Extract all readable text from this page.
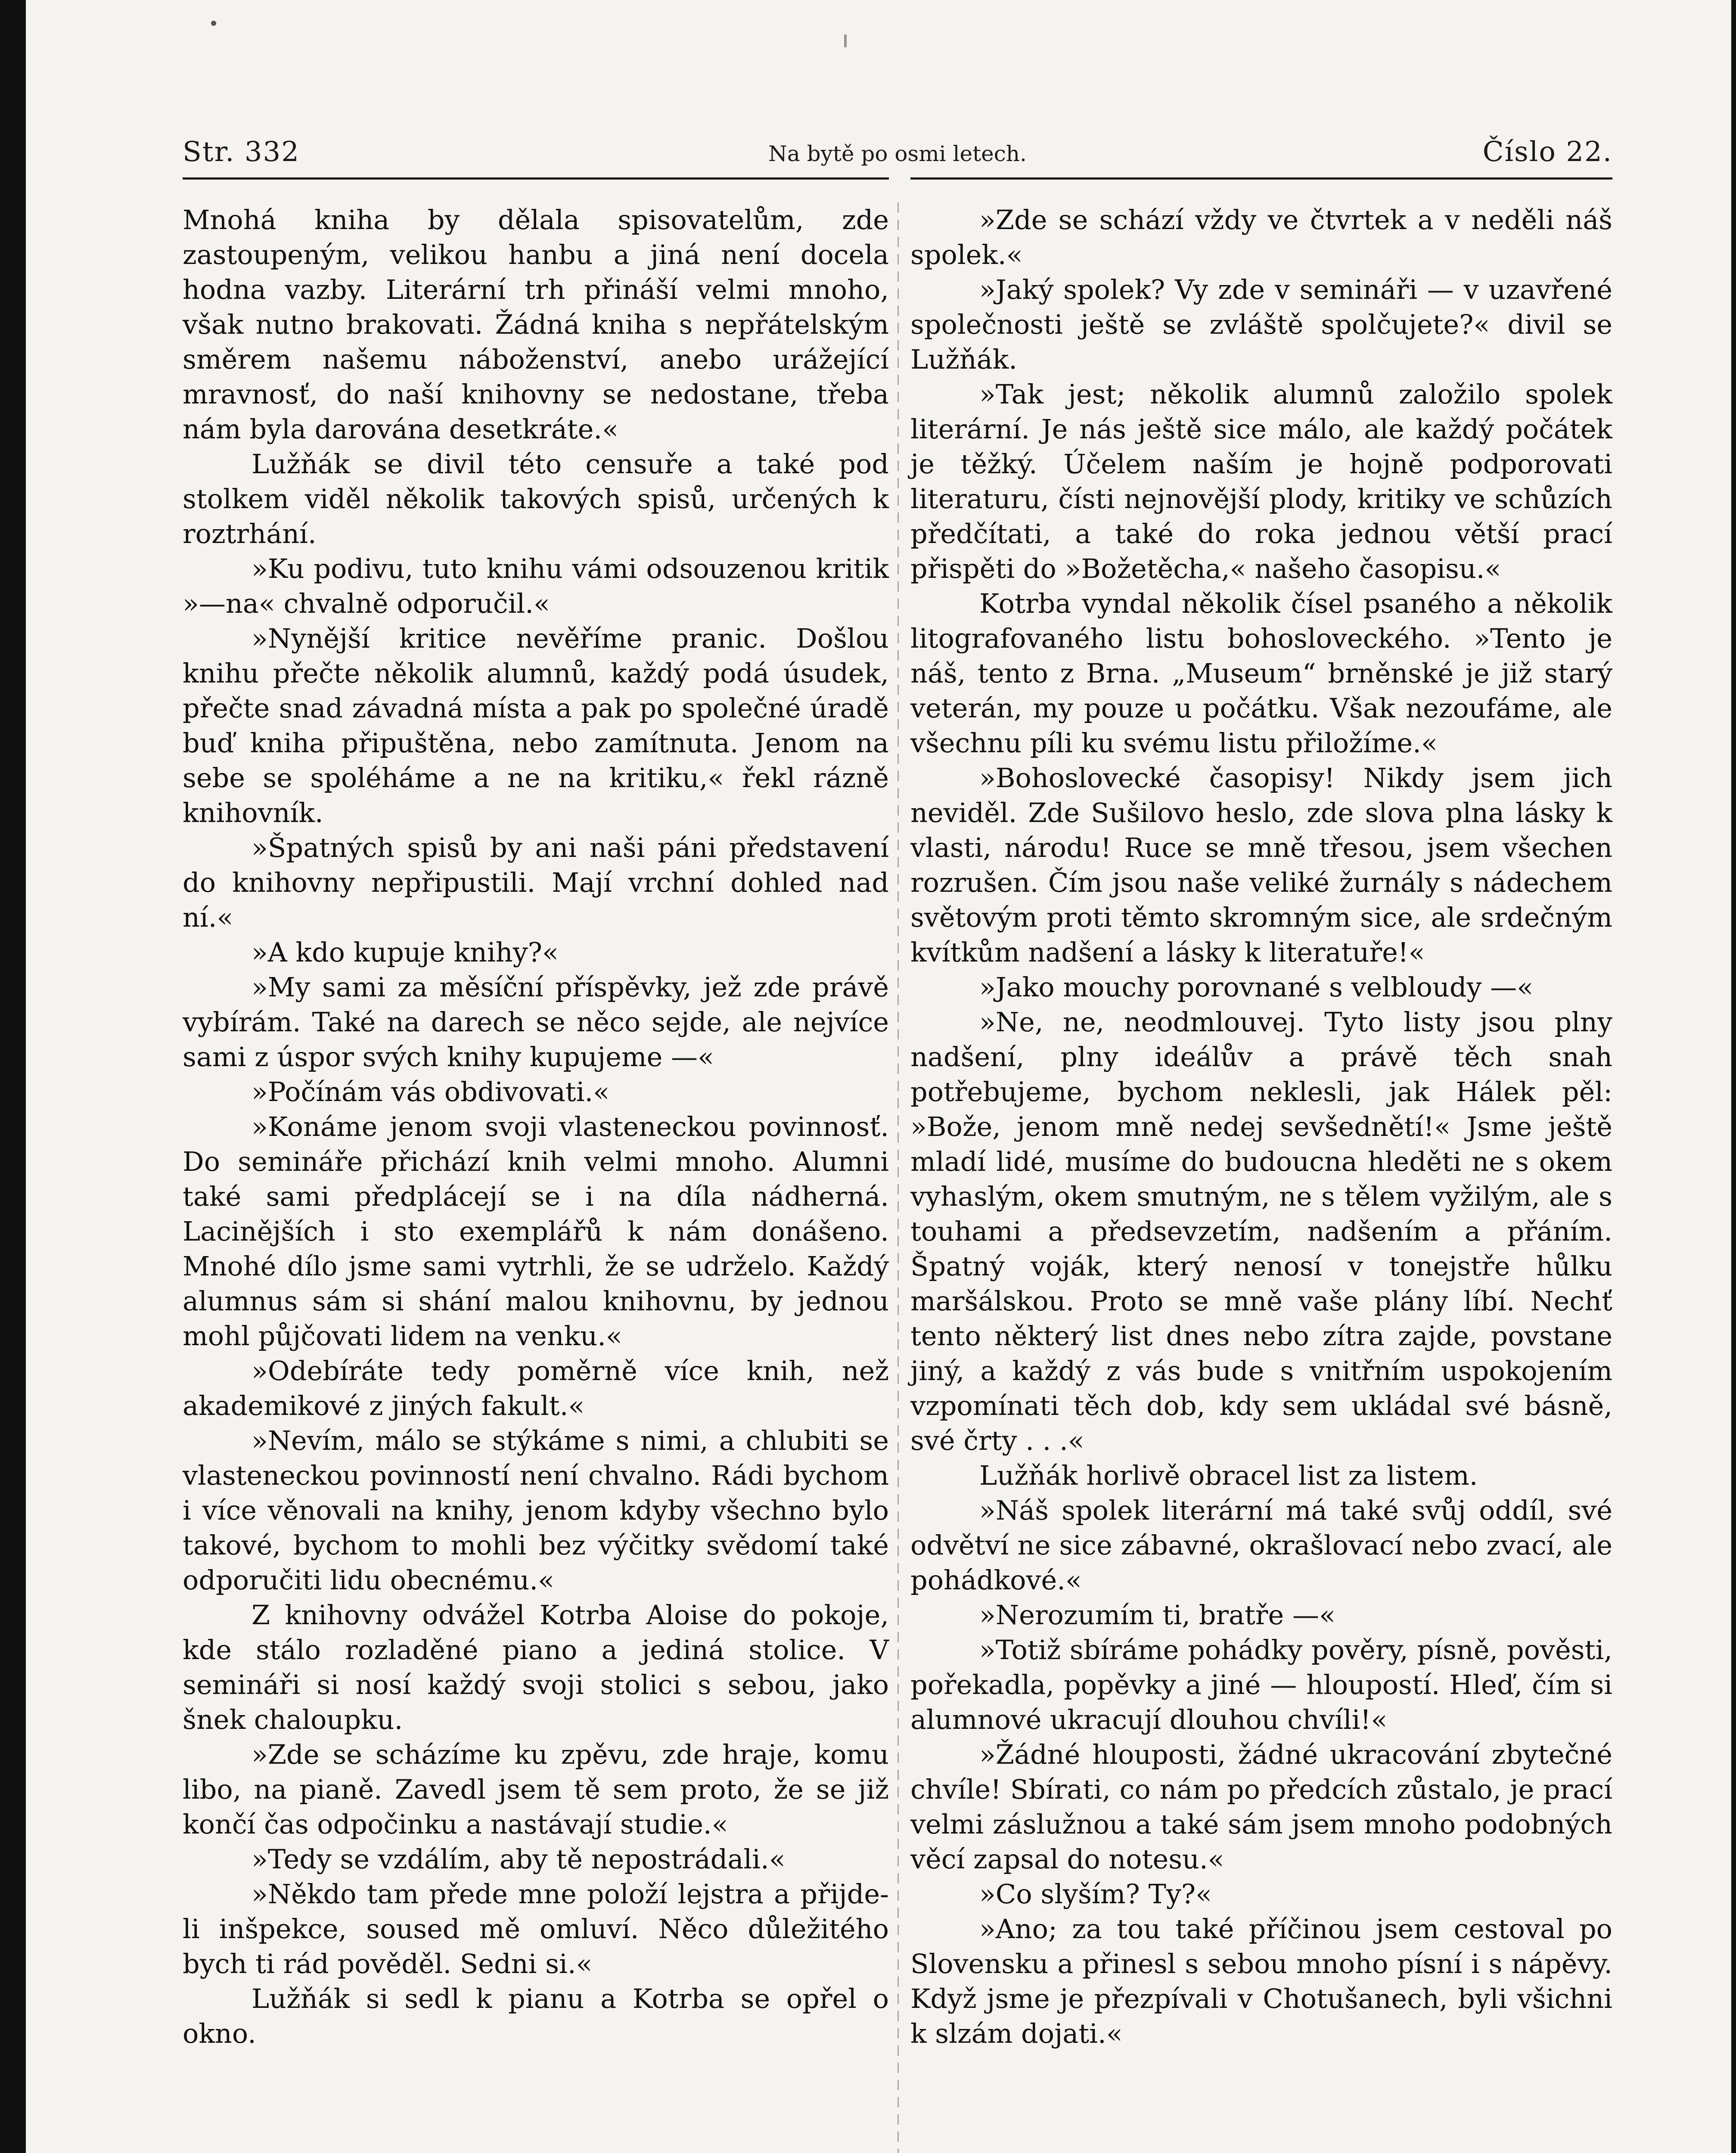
Str. 332	Na bytě po osmi letech.	Číslo 22.

Mnohá kniha by dělala spisovatelům, zde zastoupeným, velikou hanbu a jiná není docela hodna vazby. Literární trh přináší velmi mnoho, však nutno brakovati. Žádná kniha s nepřátelským směrem našemu náboženství, anebo urážející mravnosť, do naší knihovny se nedostane, třeba nám byla darována desetkráte.«

Lužňák se divil této censuře a také pod stolkem viděl několik takových spisů, určených k roztrhání.

»Ku podivu, tuto knihu vámi odsouzenou kritik »—na« chvalně odporučil.«

»Nynější kritice nevěříme pranic. Došlou knihu přečte několik alumnů, každý podá úsudek, přečte snad závadná místa a pak po společné úradě buď kniha připuštěna, nebo zamítnuta. Jenom na sebe se spoléháme a ne na kritiku,« řekl rázně knihovník.

»Špatných spisů by ani naši páni představení do knihovny nepřipustili. Mají vrchní dohled nad ní.«

»A kdo kupuje knihy?«

»My sami za měsíční příspěvky, jež zde právě vybírám. Také na darech se něco sejde, ale nejvíce sami z úspor svých knihy kupujeme —«

»Počínám vás obdivovati.«

»Konáme jenom svoji vlasteneckou povinnosť. Do semináře přichází knih velmi mnoho. Alumni také sami předplácejí se i na díla nádherná. Lacinějších i sto exemplářů k nám donášeno. Mnohé dílo jsme sami vytrhli, že se udrželo. Každý alumnus sám si shání malou knihovnu, by jednou mohl půjčovati lidem na venku.«

»Odebíráte tedy poměrně více knih, než akademikové z jiných fakult.«

»Nevím, málo se stýkáme s nimi, a chlubiti se vlasteneckou povinností není chvalno. Rádi bychom i více věnovali na knihy, jenom kdyby všechno bylo takové, bychom to mohli bez výčitky svědomí také odporučiti lidu obecnému.«

Z knihovny odvážel Kotrba Aloise do pokoje, kde stálo rozladěné piano a jediná stolice. V semináři si nosí každý svoji stolici s sebou, jako šnek chaloupku.

»Zde se scházíme ku zpěvu, zde hraje, komu libo, na pianě. Zavedl jsem tě sem proto, že se již končí čas odpočinku a nastávají studie.«

»Tedy se vzdálím, aby tě nepostrádali.«

»Někdo tam přede mne položí lejstra a přijde-li inšpekce, soused mě omluví. Něco důležitého bych ti rád pověděl. Sedni si.«

Lužňák si sedl k pianu a Kotrba se opřel o okno.

»Zde se schází vždy ve čtvrtek a v neděli náš spolek.«

»Jaký spolek? Vy zde v semináři — v uzavřené společnosti ještě se zvláště spolčujete?« divil se Lužňák.

»Tak jest; několik alumnů založilo spolek literární. Je nás ještě sice málo, ale každý počátek je těžký. Účelem naším je hojně podporovati literaturu, čísti nejnovější plody, kritiky ve schůzích předčítati, a také do roka jednou větší prací přispěti do »Božetěcha,« našeho časopisu.«

Kotrba vyndal několik čísel psaného a několik litografovaného listu bohosloveckého. »Tento je náš, tento z Brna. „Museum“ brněnské je již starý veterán, my pouze u počátku. Však nezoufáme, ale všechnu píli ku svému listu přiložíme.«

»Bohoslovecké časopisy! Nikdy jsem jich neviděl. Zde Sušilovo heslo, zde slova plna lásky k vlasti, národu! Ruce se mně třesou, jsem všechen rozrušen. Čím jsou naše veliké žurnály s nádechem světovým proti těmto skromným sice, ale srdečným kvítkům nadšení a lásky k literatuře!«

»Jako mouchy porovnané s velbloudy —«

»Ne, ne, neodmlouvej. Tyto listy jsou plny nadšení, plny ideálův a právě těch snah potřebujeme, bychom neklesli, jak Hálek pěl: »Bože, jenom mně nedej sevšednětí!« Jsme ještě mladí lidé, musíme do budoucna hleděti ne s okem vyhaslým, okem smutným, ne s tělem vyžilým, ale s touhami a předsevzetím, nadšením a přáním. Špatný voják, který nenosí v tonejstře hůlku maršálskou. Proto se mně vaše plány líbí. Nechť tento některý list dnes nebo zítra zajde, povstane jiný, a každý z vás bude s vnitřním uspokojením vzpomínati těch dob, kdy sem ukládal své básně, své črty . . .«

Lužňák horlivě obracel list za listem.

»Náš spolek literární má také svůj oddíl, své odvětví ne sice zábavné, okrašlovací nebo zvací, ale pohádkové.«

»Nerozumím ti, bratře —«

»Totiž sbíráme pohádky pověry, písně, pověsti, pořekadla, popěvky a jiné — hloupostí. Hleď, čím si alumnové ukracují dlouhou chvíli!«

»Žádné hlouposti, žádné ukracování zbytečné chvíle! Sbírati, co nám po předcích zůstalo, je prací velmi záslužnou a také sám jsem mnoho podobných věcí zapsal do notesu.«

»Co slyším? Ty?«

»Ano; za tou také příčinou jsem cestoval po Slovensku a přinesl s sebou mnoho písní i s nápěvy. Když jsme je přezpívali v Chotušanech, byli všichni k slzám dojati.«
